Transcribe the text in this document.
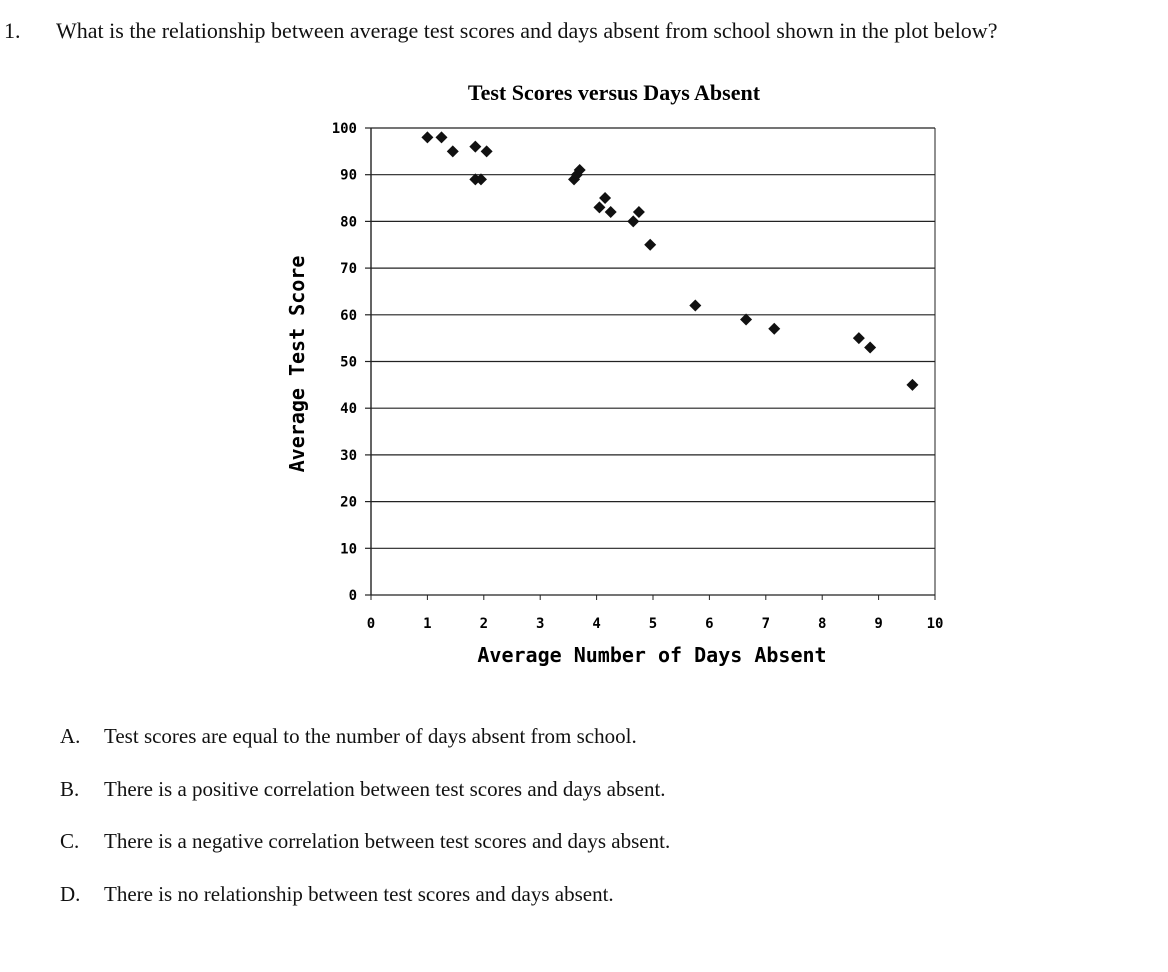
1. What is the relationship between average test scores and days absent from school shown in the plot below?
Test Scores versus Days Absent
0
10
20
30
40
50
60
70
80
90
100
0	1	2	3	4	5	6	7	8	9	10
Average Number of Days Absent
Average Test Score
A. Test scores are equal to the number of days absent from school.
B. There is a positive correlation between test scores and days absent.
C. There is a negative correlation between test scores and days absent.
D. There is no relationship between test scores and days absent.
